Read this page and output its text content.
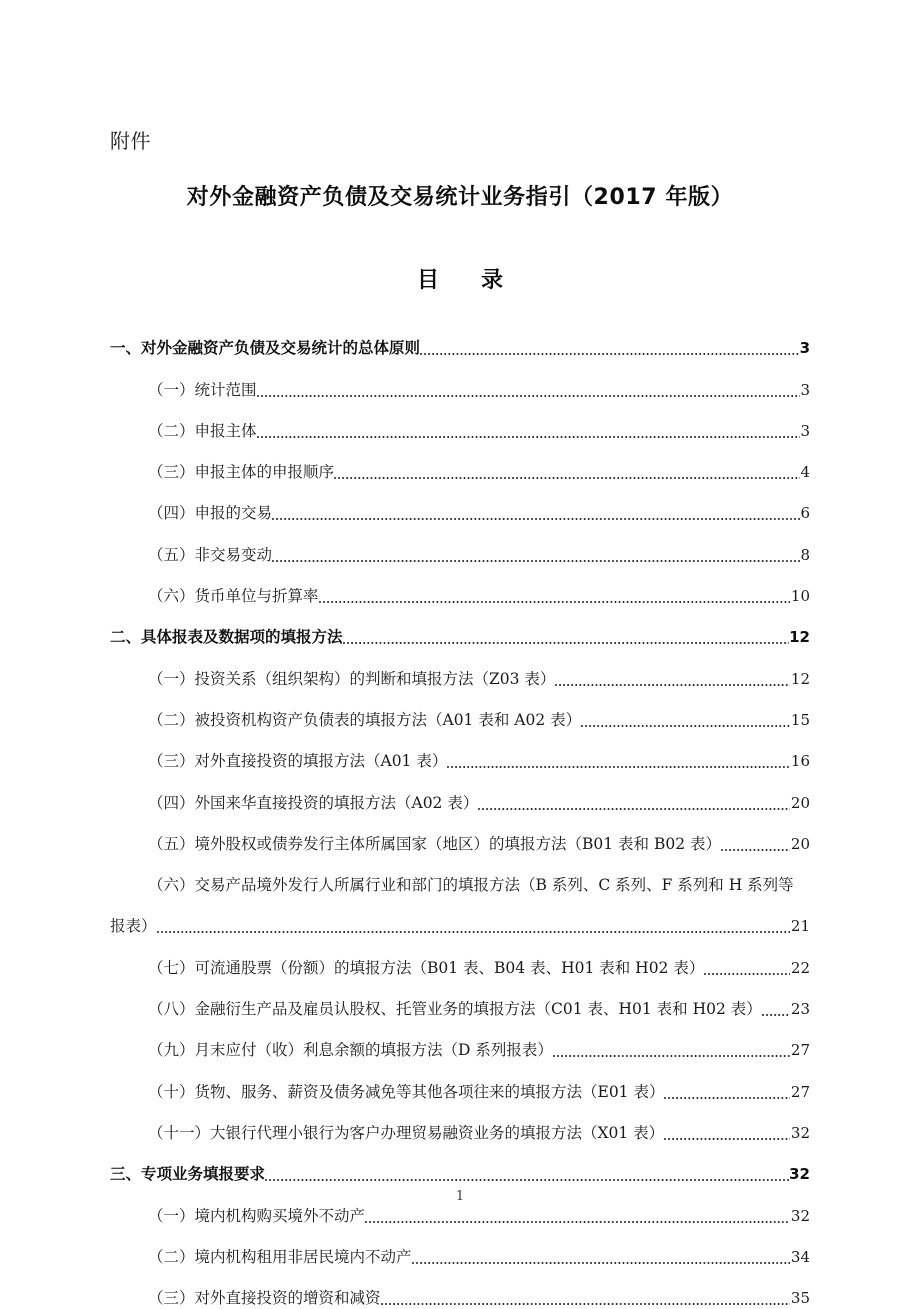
附件
对外金融资产负债及交易统计业务指引（2017 年版）
目　录
一、对外金融资产负债及交易统计的总体原则	3
（一）统计范围	3
（二）申报主体	3
（三）申报主体的申报顺序	4
（四）申报的交易	6
（五）非交易变动	8
（六）货币单位与折算率	10
二、具体报表及数据项的填报方法	12
（一）投资关系（组织架构）的判断和填报方法（Z03 表）	12
（二）被投资机构资产负债表的填报方法（A01 表和 A02 表）	15
（三）对外直接投资的填报方法（A01 表）	16
（四）外国来华直接投资的填报方法（A02 表）	20
（五）境外股权或债券发行主体所属国家（地区）的填报方法（B01 表和 B02 表）	20
（六）交易产品境外发行人所属行业和部门的填报方法（B 系列、C 系列、F 系列和 H 系列等
报表）	21
（七）可流通股票（份额）的填报方法（B01 表、B04 表、H01 表和 H02 表）	22
（八）金融衍生产品及雇员认股权、托管业务的填报方法（C01 表、H01 表和 H02 表） 23
（九）月末应付（收）利息余额的填报方法（D 系列报表）	27
（十）货物、服务、薪资及债务减免等其他各项往来的填报方法（E01 表）	27
（十一）大银行代理小银行为客户办理贸易融资业务的填报方法（X01 表）	32
三、专项业务填报要求	32
（一）境内机构购买境外不动产	32
（二）境内机构租用非居民境内不动产	34
（三）对外直接投资的增资和减资	35
1
